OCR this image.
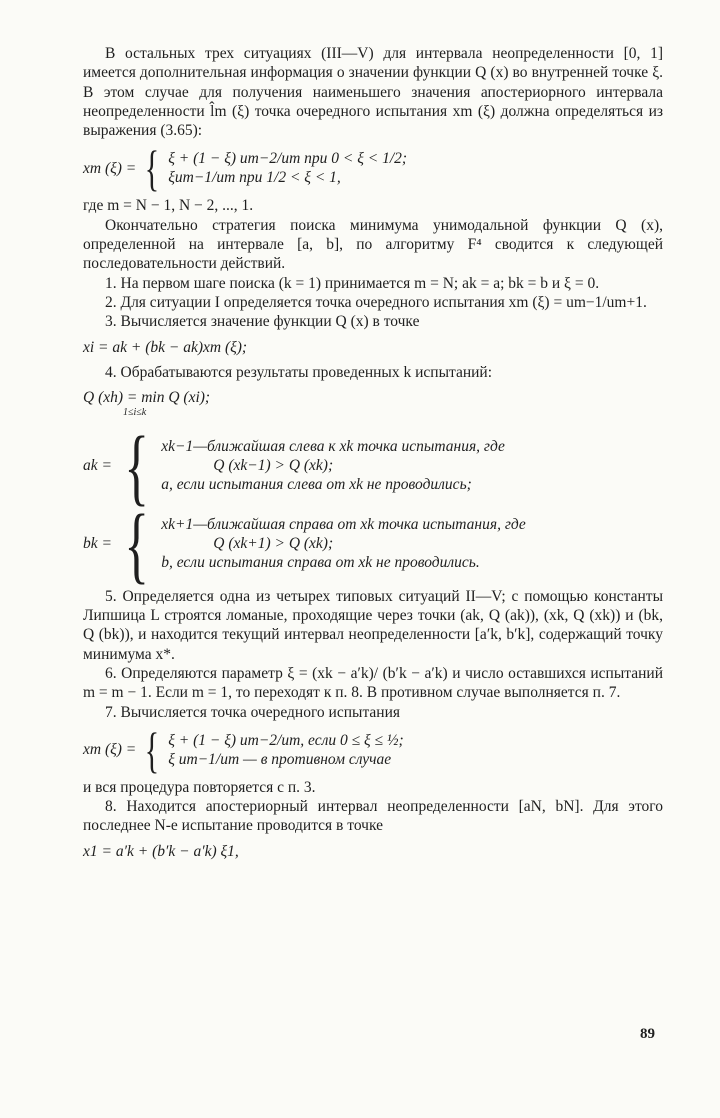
В остальных трех ситуациях (III—V) для интервала неопределенности [0, 1] имеется дополнительная информация о значении функции Q (x) во внутренней точке ξ. В этом случае для получения наименьшего значения апостериорного интервала неопределенности l̂m (ξ) точка очередного испытания xm (ξ) должна определяться из выражения (3.65):

xm (ξ) = { ξ + (1 − ξ) um−2/um при 0 < ξ < 1/2;
ξum−1/um при 1/2 < ξ < 1,

где m = N − 1, N − 2, ..., 1.

Окончательно стратегия поиска минимума унимодальной функции Q (x), определенной на интервале [a, b], по алгоритму F⁴ сводится к следующей последовательности действий.

1. На первом шаге поиска (k = 1) принимается m = N; ak = a; bk = b и ξ = 0.

2. Для ситуации I определяется точка очередного испытания xm (ξ) = um−1/um+1.

3. Вычисляется значение функции Q (x) в точке

xi = ak + (bk − ak)xm (ξ);

4. Обрабатываются результаты проведенных k испытаний:

Q (xh) = min Q (xi);
1≤i≤k
ak = { xk−1—ближайшая слева к xk точка испытания, где
Q (xk−1) > Q (xk);
a, если испытания слева от xk не проводились;
bk = { xk+1—ближайшая справа от xk точка испытания, где
Q (xk+1) > Q (xk);
b, если испытания справа от xk не проводились.

5. Определяется одна из четырех типовых ситуаций II—V; с помощью константы Липшица L строятся ломаные, проходящие через точки (ak, Q (ak)), (xk, Q (xk)) и (bk, Q (bk)), и находится текущий интервал неопределенности [a′k, b′k], содержащий точку минимума x*.

6. Определяются параметр ξ = (xk − a′k)/ (b′k − a′k) и число оставшихся испытаний m = m − 1. Если m = 1, то переходят к п. 8. В противном случае выполняется п. 7.

7. Вычисляется точка очередного испытания

xm (ξ) = { ξ + (1 − ξ) um−2/um, если 0 ≤ ξ ≤ ½;
ξ um−1/um — в противном случае

и вся процедура повторяется с п. 3.

8. Находится апостериорный интервал неопределенности [aN, bN]. Для этого последнее N-е испытание проводится в точке

x1 = a′k + (b′k − a′k) ξ1,
89
